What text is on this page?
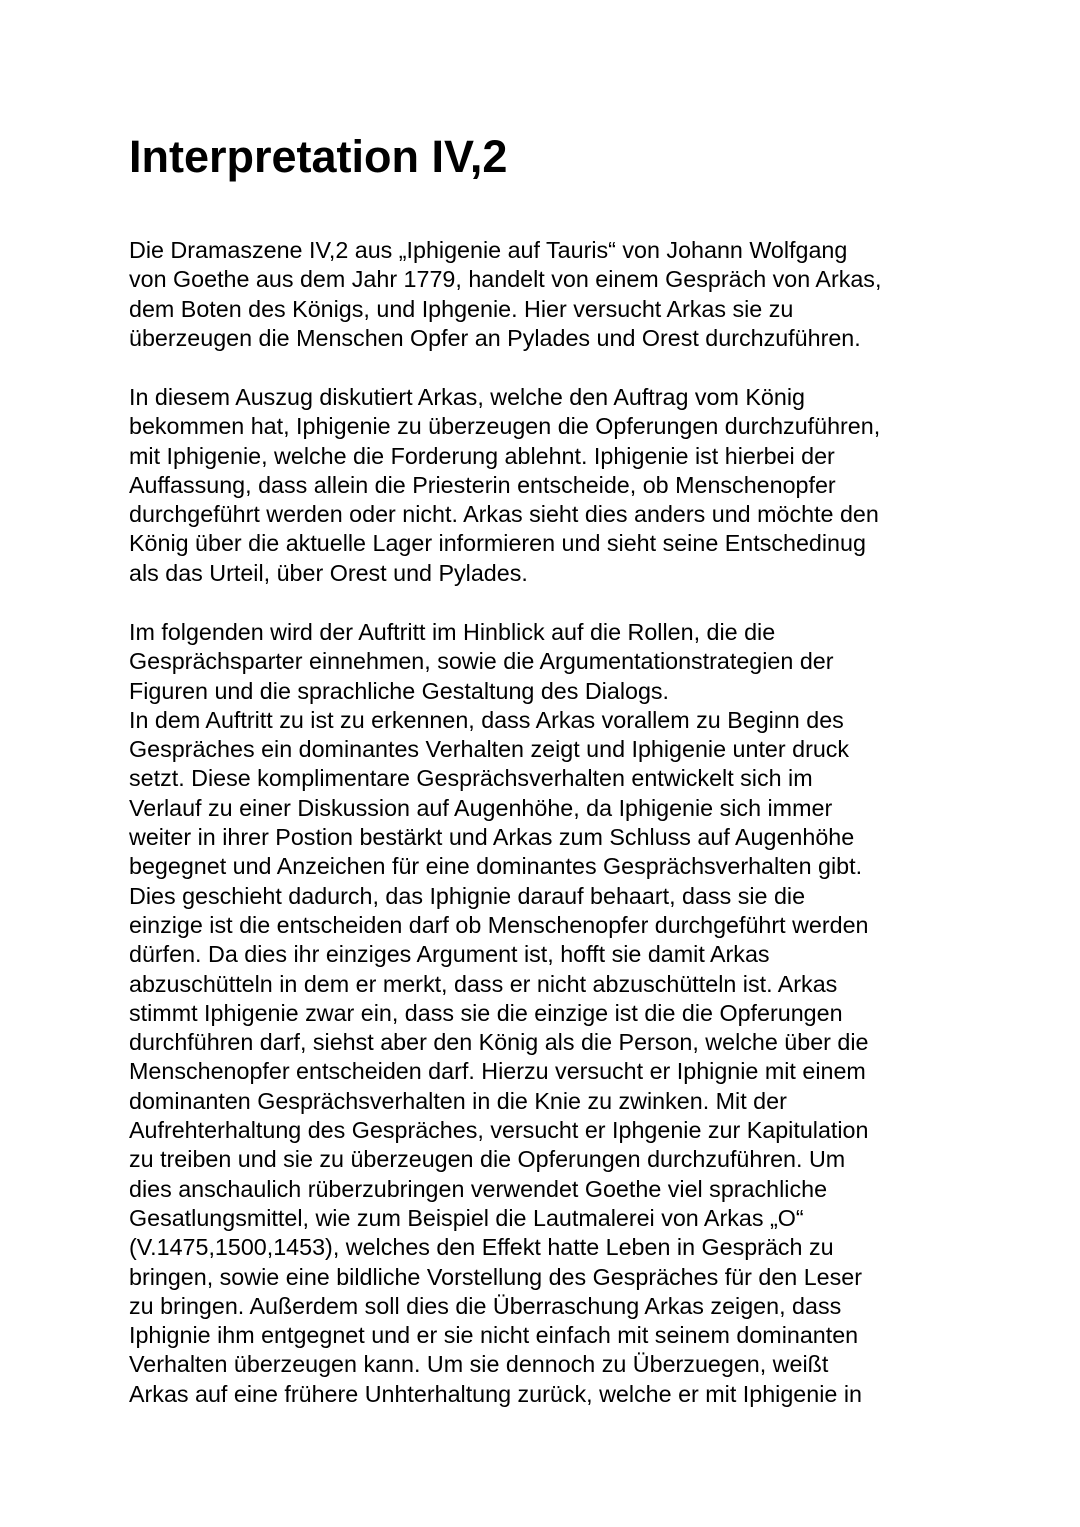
Interpretation IV,2

Die Dramaszene IV,2 aus „Iphigenie auf Tauris“ von Johann Wolfgang
von Goethe aus dem Jahr 1779, handelt von einem Gespräch von Arkas,
dem Boten des Königs, und Iphgenie. Hier versucht Arkas sie zu
überzeugen die Menschen Opfer an Pylades und Orest durchzuführen.

In diesem Auszug diskutiert Arkas, welche den Auftrag vom König
bekommen hat, Iphigenie zu überzeugen die Opferungen durchzuführen,
mit Iphigenie, welche die Forderung ablehnt. Iphigenie ist hierbei der
Auffassung, dass allein die Priesterin entscheide, ob Menschenopfer
durchgeführt werden oder nicht. Arkas sieht dies anders und möchte den
König über die aktuelle Lager informieren und sieht seine Entschedinug
als das Urteil, über Orest und Pylades.

Im folgenden wird der Auftritt im Hinblick auf die Rollen, die die
Gesprächsparter einnehmen, sowie die Argumentationstrategien der
Figuren und die sprachliche Gestaltung des Dialogs.
In dem Auftritt zu ist zu erkennen, dass Arkas vorallem zu Beginn des
Gespräches ein dominantes Verhalten zeigt und Iphigenie unter druck
setzt. Diese komplimentare Gesprächsverhalten entwickelt sich im
Verlauf zu einer Diskussion auf Augenhöhe, da Iphigenie sich immer
weiter in ihrer Postion bestärkt und Arkas zum Schluss auf Augenhöhe
begegnet und Anzeichen für eine dominantes Gesprächsverhalten gibt.
Dies geschieht dadurch, das Iphignie darauf behaart, dass sie die
einzige ist die entscheiden darf ob Menschenopfer durchgeführt werden
dürfen. Da dies ihr einziges Argument ist, hofft sie damit Arkas
abzuschütteln in dem er merkt, dass er nicht abzuschütteln ist. Arkas
stimmt Iphigenie zwar ein, dass sie die einzige ist die die Opferungen
durchführen darf, siehst aber den König als die Person, welche über die
Menschenopfer entscheiden darf. Hierzu versucht er Iphignie mit einem
dominanten Gesprächsverhalten in die Knie zu zwinken. Mit der
Aufrehterhaltung des Gespräches, versucht er Iphgenie zur Kapitulation
zu treiben und sie zu überzeugen die Opferungen durchzuführen. Um
dies anschaulich rüberzubringen verwendet Goethe viel sprachliche
Gesatlungsmittel, wie zum Beispiel die Lautmalerei von Arkas „O“
(V.1475,1500,1453), welches den Effekt hatte Leben in Gespräch zu
bringen, sowie eine bildliche Vorstellung des Gespräches für den Leser
zu bringen. Außerdem soll dies die Überraschung Arkas zeigen, dass
Iphignie ihm entgegnet und er sie nicht einfach mit seinem dominanten
Verhalten überzeugen kann. Um sie dennoch zu Überzuegen, weißt
Arkas auf eine frühere Unhterhaltung zurück, welche er mit Iphigenie in
